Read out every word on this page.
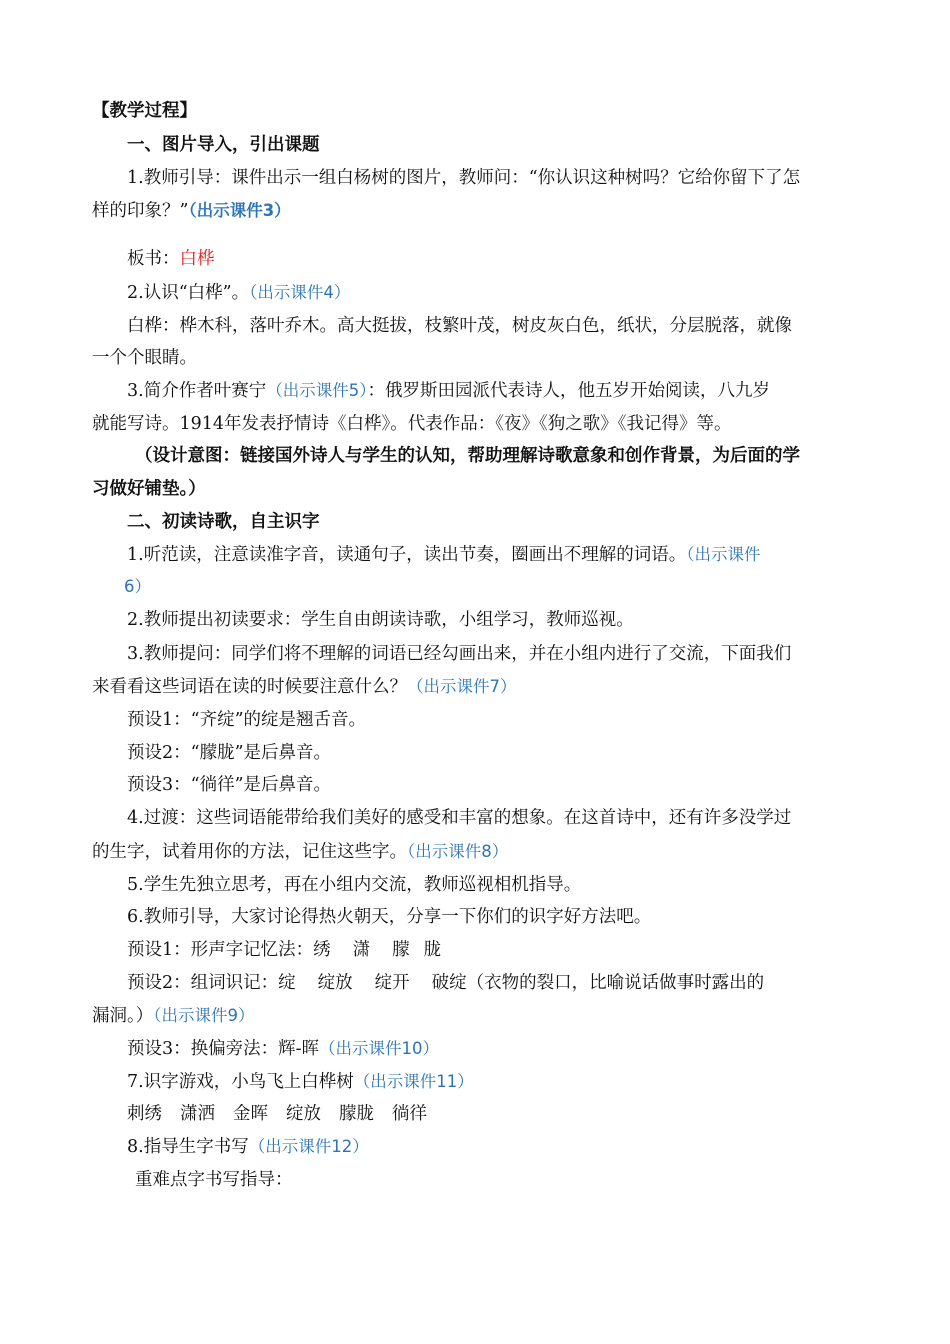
【教学过程】
一、图片导入，引出课题
1.教师引导：课件出示一组白杨树的图片，教师问：“你认识这种树吗？它给你留下了怎
样的印象？”（出示课件3）
板书：白桦
2.认识“白桦”。（出示课件4）
白桦：桦木科，落叶乔木。高大挺拔，枝繁叶茂，树皮灰白色，纸状，分层脱落，就像
一个个眼睛。
3.简介作者叶赛宁（出示课件5）：俄罗斯田园派代表诗人，他五岁开始阅读，八九岁
就能写诗。1914年发表抒情诗《白桦》。代表作品：《夜》《狗之歌》《我记得》等。
（设计意图：链接国外诗人与学生的认知，帮助理解诗歌意象和创作背景，为后面的学
习做好铺垫。）
二、初读诗歌，自主识字
1.听范读，注意读准字音，读通句子，读出节奏，圈画出不理解的词语。（出示课件
6）
2.教师提出初读要求：学生自由朗读诗歌，小组学习，教师巡视。
3.教师提问：同学们将不理解的词语已经勾画出来，并在小组内进行了交流，下面我们
来看看这些词语在读的时候要注意什么？（出示课件7）
预设1：“齐绽”的绽是翘舌音。
预设2：“朦胧”是后鼻音。
预设3：“徜徉”是后鼻音。
4.过渡：这些词语能带给我们美好的感受和丰富的想象。在这首诗中，还有许多没学过
的生字，试着用你的方法，记住这些字。（出示课件8）
5.学生先独立思考，再在小组内交流，教师巡视相机指导。
6.教师引导，大家讨论得热火朝天，分享一下你们的识字好方法吧。
预设1：形声字记忆法：绣 潇 朦 胧
预设2：组词识记：绽 绽放 绽开 破绽（衣物的裂口，比喻说话做事时露出的
漏洞。）（出示课件9）
预设3：换偏旁法：辉-晖（出示课件10）
7.识字游戏，小鸟飞上白桦树（出示课件11）
刺绣 潇洒 金晖 绽放 朦胧 徜徉
8.指导生字书写（出示课件12）
重难点字书写指导：
